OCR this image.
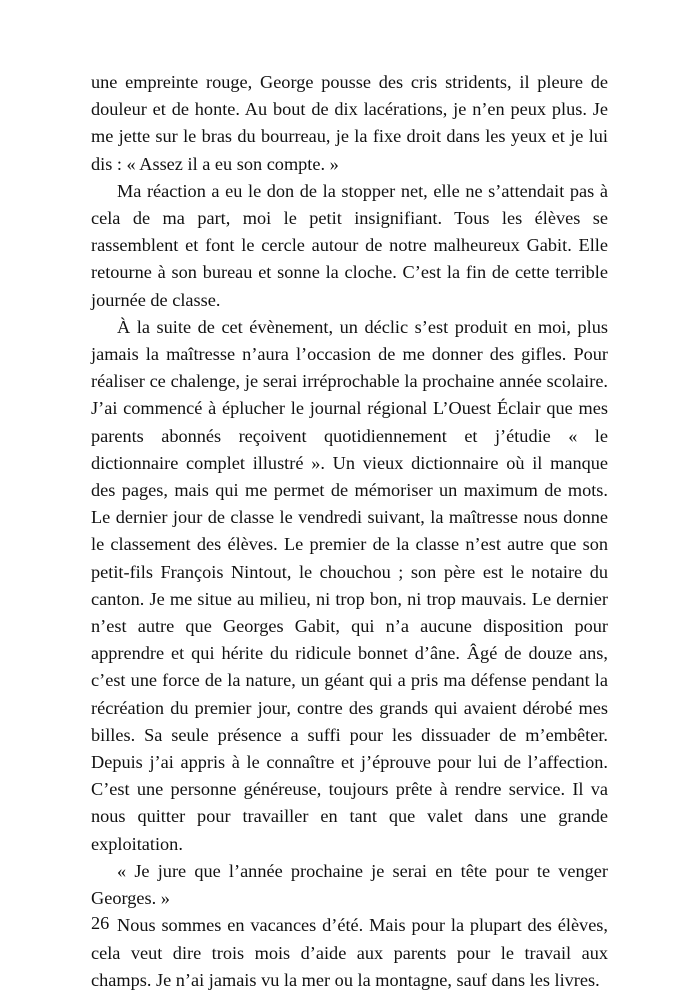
une empreinte rouge, George pousse des cris stridents, il pleure de douleur et de honte. Au bout de dix lacérations, je n’en peux plus. Je me jette sur le bras du bourreau, je la fixe droit dans les yeux et je lui dis : « Assez il a eu son compte. »

Ma réaction a eu le don de la stopper net, elle ne s’attendait pas à cela de ma part, moi le petit insignifiant. Tous les élèves se rassemblent et font le cercle autour de notre malheureux Gabit. Elle retourne à son bureau et sonne la cloche. C’est la fin de cette terrible journée de classe.

À la suite de cet évènement, un déclic s’est produit en moi, plus jamais la maîtresse n’aura l’occasion de me donner des gifles. Pour réaliser ce chalenge, je serai irréprochable la prochaine année scolaire. J’ai commencé à éplucher le journal régional L’Ouest Éclair que mes parents abonnés reçoivent quotidiennement et j’étudie « le dictionnaire complet illustré ». Un vieux dictionnaire où il manque des pages, mais qui me permet de mémoriser un maximum de mots. Le dernier jour de classe le vendredi suivant, la maîtresse nous donne le classement des élèves. Le premier de la classe n’est autre que son petit-fils François Nintout, le chouchou ; son père est le notaire du canton. Je me situe au milieu, ni trop bon, ni trop mauvais. Le dernier n’est autre que Georges Gabit, qui n’a aucune disposition pour apprendre et qui hérite du ridicule bonnet d’âne. Âgé de douze ans, c’est une force de la nature, un géant qui a pris ma défense pendant la récréation du premier jour, contre des grands qui avaient dérobé mes billes. Sa seule présence a suffi pour les dissuader de m’embêter. Depuis j’ai appris à le connaître et j’éprouve pour lui de l’affection. C’est une personne généreuse, toujours prête à rendre service. Il va nous quitter pour travailler en tant que valet dans une grande exploitation.

« Je jure que l’année prochaine je serai en tête pour te venger Georges. »

Nous sommes en vacances d’été. Mais pour la plupart des élèves, cela veut dire trois mois d’aide aux parents pour le travail aux champs. Je n’ai jamais vu la mer ou la montagne, sauf dans les livres.

26
